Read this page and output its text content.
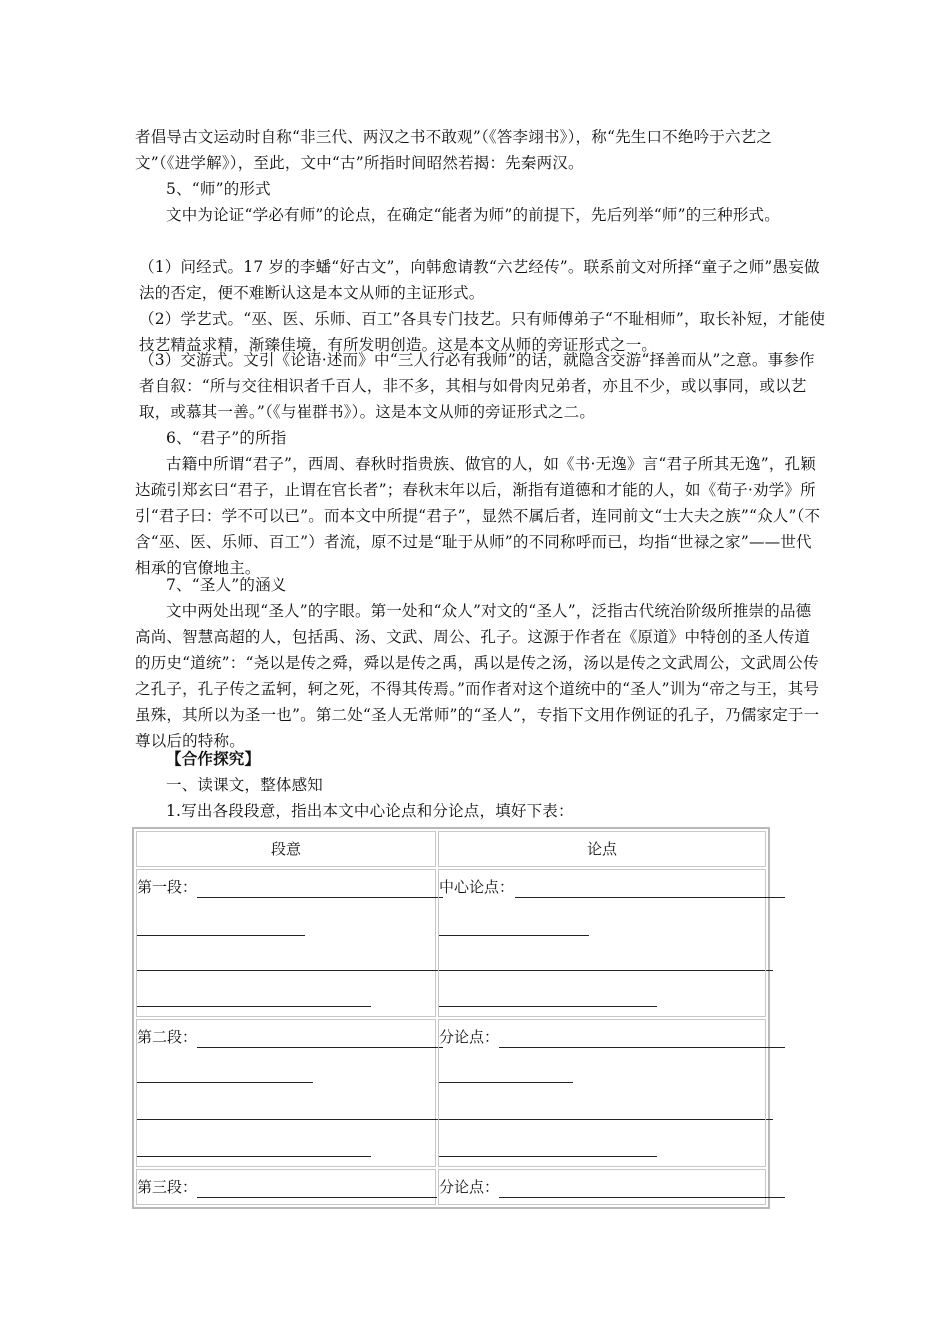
者倡导古文运动时自称“非三代、两汉之书不敢观”（《答李翊书》），称“先生口不绝吟于六艺之文”（《进学解》），至此，文中“古”所指时间昭然若揭：先秦两汉。

5、“师”的形式

文中为论证“学必有师”的论点，在确定“能者为师”的前提下，先后列举“师”的三种形式。

（1）问经式。17 岁的李蟠“好古文”，向韩愈请教“六艺经传”。联系前文对所择“童子之师”愚妄做法的否定，便不难断认这是本文从师的主证形式。

（2）学艺式。“巫、医、乐师、百工”各具专门技艺。只有师傅弟子“不耻相师”，取长补短，才能使技艺精益求精，渐臻佳境，有所发明创造。这是本文从师的旁证形式之一。

（3）交游式。文引《论语·述而》中“三人行必有我师”的话，就隐含交游“择善而从”之意。事参作者自叙：“所与交往相识者千百人，非不多，其相与如骨肉兄弟者，亦且不少，或以事同，或以艺取，或慕其一善。”（《与崔群书》）。这是本文从师的旁证形式之二。

6、“君子”的所指

古籍中所谓“君子”，西周、春秋时指贵族、做官的人，如《书·无逸》言“君子所其无逸”，孔颖达疏引郑玄曰“君子，止谓在官长者”；春秋末年以后，渐指有道德和才能的人，如《荀子·劝学》所引“君子曰：学不可以已”。而本文中所提“君子”，显然不属后者，连同前文“士大夫之族”“众人”（不含“巫、医、乐师、百工”）者流，原不过是“耻于从师”的不同称呼而已，均指“世禄之家”——世代相承的官僚地主。

7、“圣人”的涵义

文中两处出现“圣人”的字眼。第一处和“众人”对文的“圣人”，泛指古代统治阶级所推崇的品德高尚、智慧高超的人，包括禹、汤、文武、周公、孔子。这源于作者在《原道》中特创的圣人传道的历史“道统”：“尧以是传之舜，舜以是传之禹，禹以是传之汤，汤以是传之文武周公，文武周公传之孔子，孔子传之孟轲，轲之死，不得其传焉。”而作者对这个道统中的“圣人”训为“帝之与王，其号虽殊，其所以为圣一也”。第二处“圣人无常师”的“圣人”，专指下文用作例证的孔子，乃儒家定于一尊以后的特称。

【合作探究】

一、读课文，整体感知

1.写出各段段意，指出本文中心论点和分论点，填好下表：

段意	论点

第一段：	中心论点：

第二段：	分论点：

第三段：	分论点：
